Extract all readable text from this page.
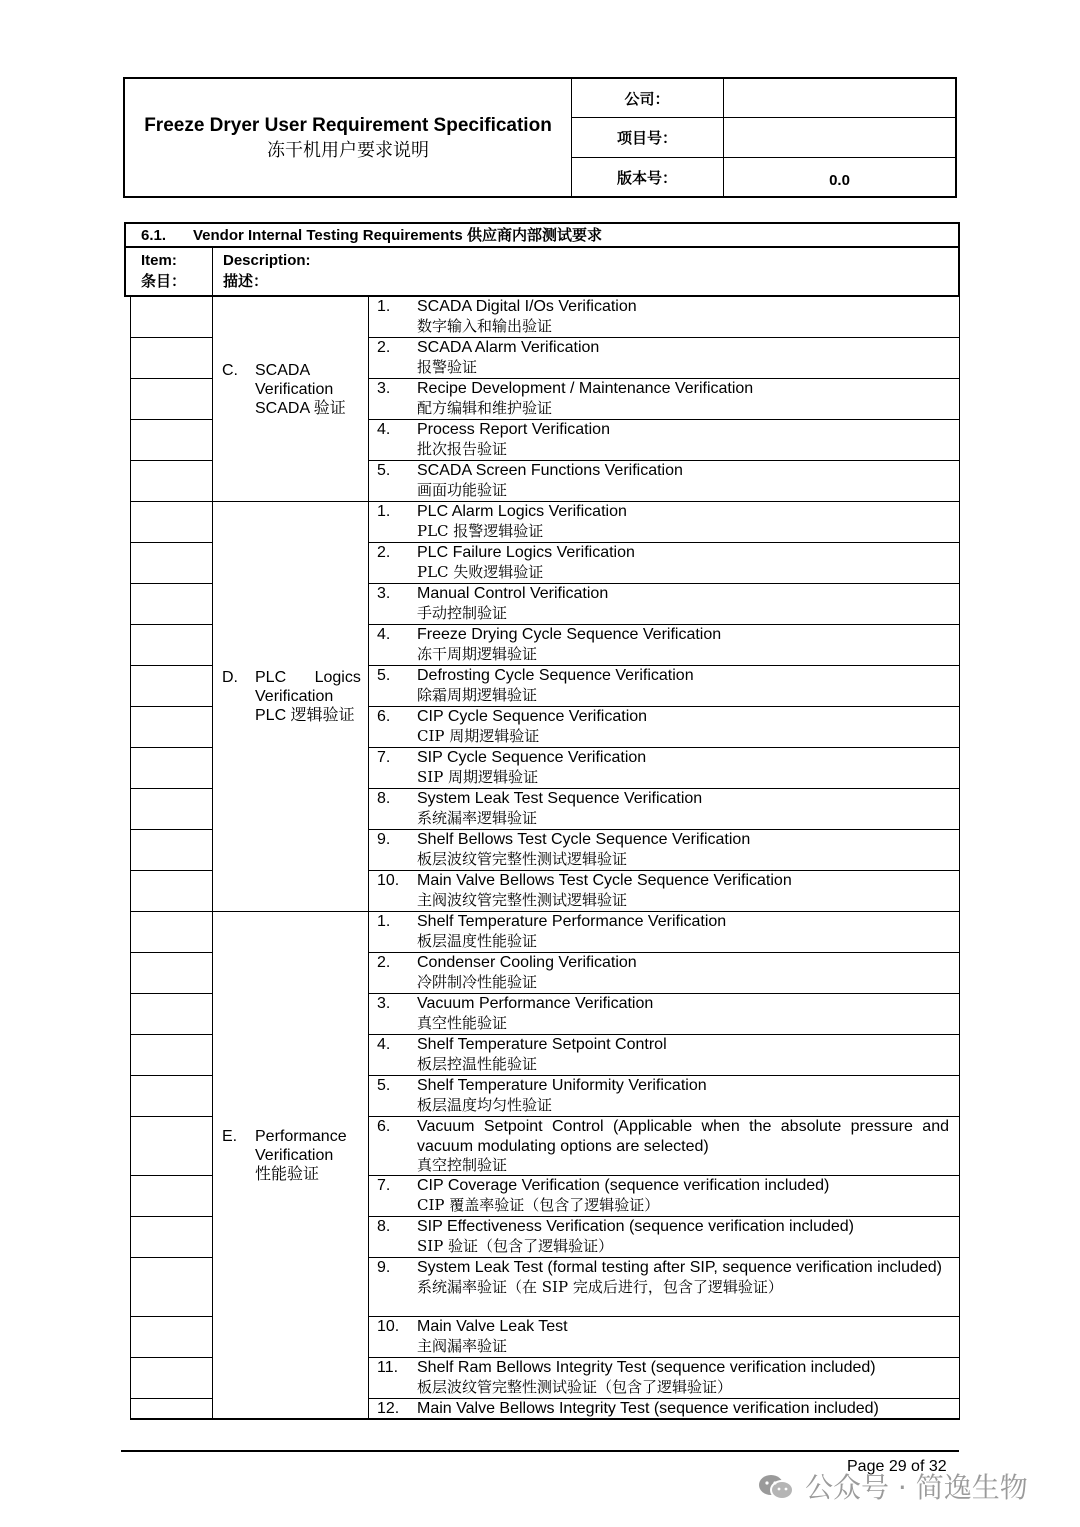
Freeze Dryer User Requirement Specification
冻干机用户要求说明
公司：
项目号：
版本号：	0.0
6.1. Vendor Internal Testing Requirements 供应商内部测试要求
Item:
条目：
Description:
描述：
C. SCADA
Verification
SCADA 验证
1. SCADA Digital I/Os Verification
数字输入和输出验证
2. SCADA Alarm Verification
报警验证
3. Recipe Development / Maintenance Verification
配方编辑和维护验证
4. Process Report Verification
批次报告验证
5. SCADA Screen Functions Verification
画面功能验证
D. PLC Logics
Verification
PLC 逻辑验证
1. PLC Alarm Logics Verification
PLC 报警逻辑验证
2. PLC Failure Logics Verification
PLC 失败逻辑验证
3. Manual Control Verification
手动控制验证
4. Freeze Drying Cycle Sequence Verification
冻干周期逻辑验证
5. Defrosting Cycle Sequence Verification
除霜周期逻辑验证
6. CIP Cycle Sequence Verification
CIP 周期逻辑验证
7. SIP Cycle Sequence Verification
SIP 周期逻辑验证
8. System Leak Test Sequence Verification
系统漏率逻辑验证
9. Shelf Bellows Test Cycle Sequence Verification
板层波纹管完整性测试逻辑验证
10. Main Valve Bellows Test Cycle Sequence Verification
主阀波纹管完整性测试逻辑验证
E. Performance
Verification
性能验证
1. Shelf Temperature Performance Verification
板层温度性能验证
2. Condenser Cooling Verification
冷阱制冷性能验证
3. Vacuum Performance Verification
真空性能验证
4. Shelf Temperature Setpoint Control
板层控温性能验证
5. Shelf Temperature Uniformity Verification
板层温度均匀性验证
6. Vacuum Setpoint Control (Applicable when the absolute pressure and vacuum modulating options are selected)
真空控制验证
7. CIP Coverage Verification (sequence verification included)
CIP 覆盖率验证（包含了逻辑验证）
8. SIP Effectiveness Verification (sequence verification included)
SIP 验证（包含了逻辑验证）
9. System Leak Test (formal testing after SIP, sequence verification included)
系统漏率验证（在 SIP 完成后进行，包含了逻辑验证）
10. Main Valve Leak Test
主阀漏率验证
11. Shelf Ram Bellows Integrity Test (sequence verification included)
板层波纹管完整性测试验证（包含了逻辑验证）
12. Main Valve Bellows Integrity Test (sequence verification included)
Page 29 of 32
公众号 · 简逸生物
